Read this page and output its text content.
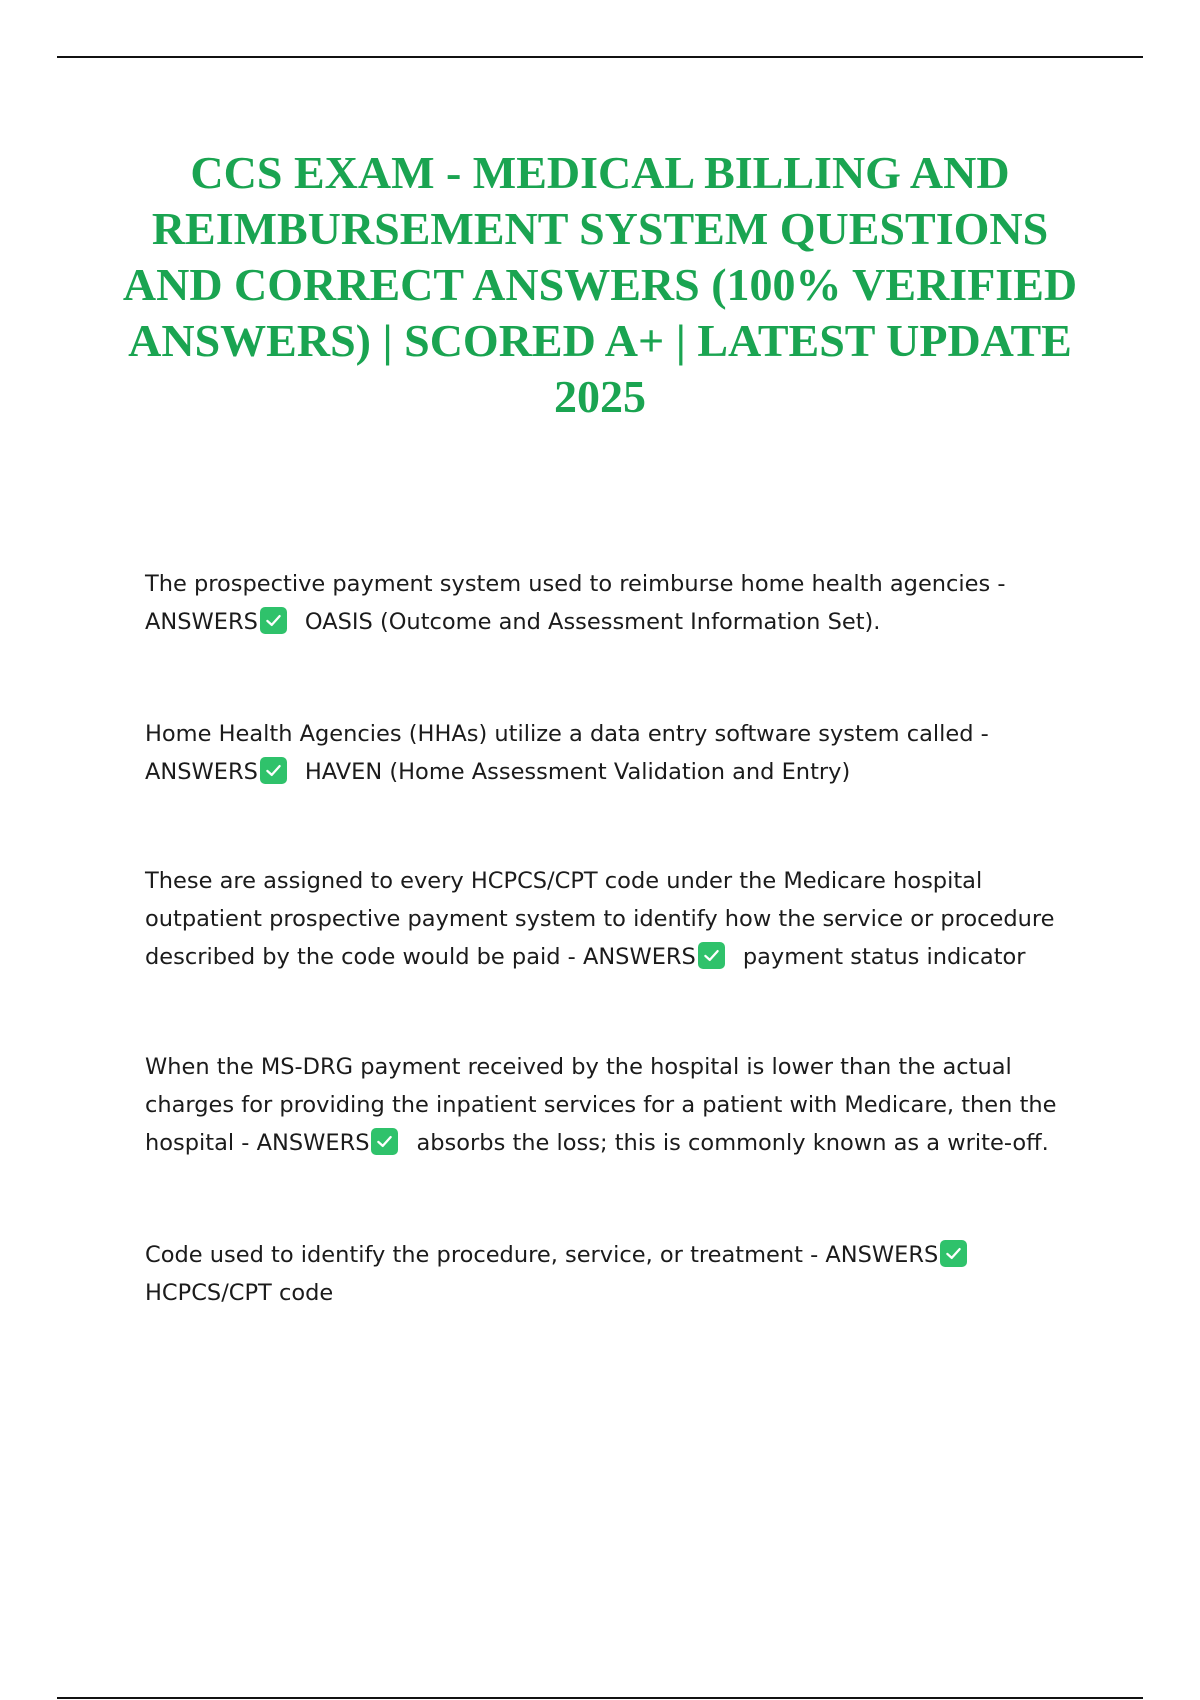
CCS EXAM - MEDICAL BILLING AND REIMBURSEMENT SYSTEM QUESTIONS AND CORRECT ANSWERS (100% VERIFIED ANSWERS) | SCORED A+ | LATEST UPDATE 2025

The prospective payment system used to reimburse home health agencies -
ANSWERS OASIS (Outcome and Assessment Information Set).

Home Health Agencies (HHAs) utilize a data entry software system called -
ANSWERS HAVEN (Home Assessment Validation and Entry)

These are assigned to every HCPCS/CPT code under the Medicare hospital outpatient prospective payment system to identify how the service or procedure described by the code would be paid - ANSWERS payment status indicator

When the MS-DRG payment received by the hospital is lower than the actual charges for providing the inpatient services for a patient with Medicare, then the hospital - ANSWERS absorbs the loss; this is commonly known as a write-off.

Code used to identify the procedure, service, or treatment - ANSWERS

HCPCS/CPT code
